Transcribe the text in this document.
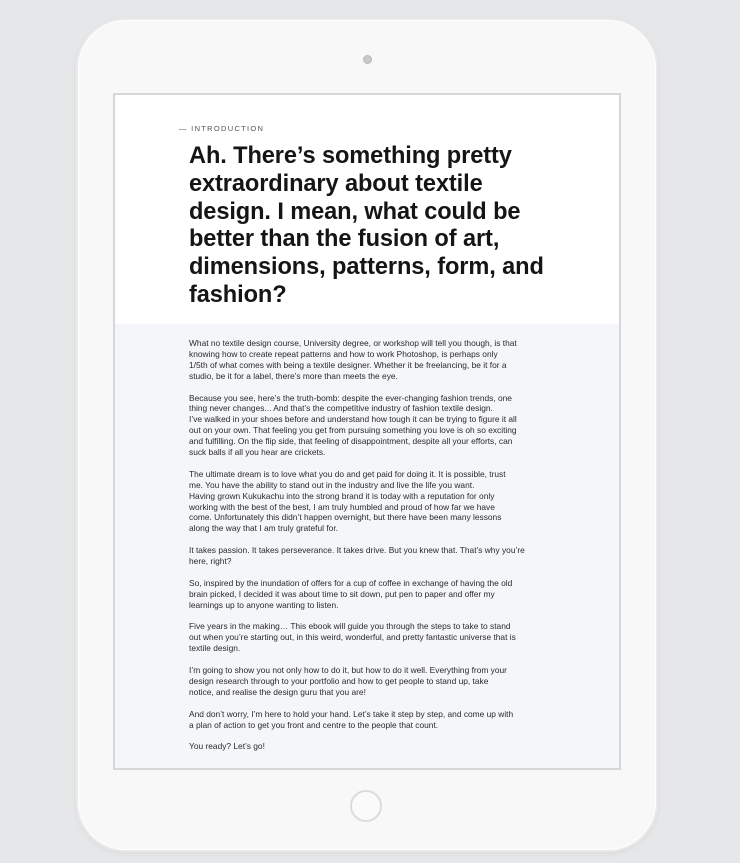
— INTRODUCTION
Ah. There’s something pretty extraordinary about textile design. I mean, what could be better than the fusion of art, dimensions, patterns, form, and fashion?

What no textile design course, University degree, or workshop will tell you though, is that
knowing how to create repeat patterns and how to work Photoshop, is perhaps only
1/5th of what comes with being a textile designer. Whether it be freelancing, be it for a
studio, be it for a label, there’s more than meets the eye.

Because you see, here’s the truth-bomb: despite the ever-changing fashion trends, one
thing never changes... And that’s the competitive industry of fashion textile design.
I’ve walked in your shoes before and understand how tough it can be trying to figure it all
out on your own. That feeling you get from pursuing something you love is oh so exciting
and fulfilling. On the flip side, that feeling of disappointment, despite all your efforts, can
suck balls if all you hear are crickets.

The ultimate dream is to love what you do and get paid for doing it. It is possible, trust
me. You have the ability to stand out in the industry and live the life you want.
Having grown Kukukachu into the strong brand it is today with a reputation for only
working with the best of the best, I am truly humbled and proud of how far we have
come. Unfortunately this didn’t happen overnight, but there have been many lessons
along the way that I am truly grateful for.

It takes passion. It takes perseverance. It takes drive. But you knew that. That’s why you’re
here, right?

So, inspired by the inundation of offers for a cup of coffee in exchange of having the old
brain picked, I decided it was about time to sit down, put pen to paper and offer my
learnings up to anyone wanting to listen.

Five years in the making… This ebook will guide you through the steps to take to stand
out when you’re starting out, in this weird, wonderful, and pretty fantastic universe that is
textile design.

I’m going to show you not only how to do it, but how to do it well. Everything from your
design research through to your portfolio and how to get people to stand up, take
notice, and realise the design guru that you are!

And don’t worry, I’m here to hold your hand. Let’s take it step by step, and come up with
a plan of action to get you front and centre to the people that count.

You ready? Let’s go!
